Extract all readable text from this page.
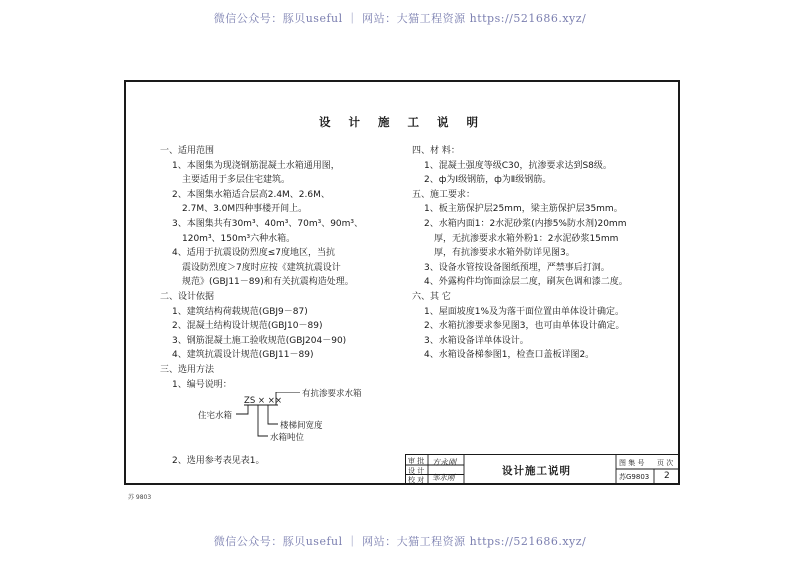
微信公众号：豚贝useful ｜ 网站：大猫工程资源 https://521686.xyz/
设 计 施 工 说 明
一、适用范围
1、本图集为现浇钢筋混凝土水箱通用图，
主要适用于多层住宅建筑。
2、本图集水箱适合层高2.4M、2.6M、
2.7M、3.0M四种事楼开间上。
3、本图集共有30m³、40m³、70m³、90m³、
120m³、150m³六种水箱。
4、适用于抗震设防烈度≤7度地区，当抗
震设防烈度＞7度时应按《建筑抗震设计
规范》(GBJ11－89)和有关抗震构造处理。
二、设计依据
1、建筑结构荷载规范(GBJ9－87)
2、混凝土结构设计规范(GBJ10－89)
3、钢筋混凝土施工验收规范(GBJ204－90)
4、建筑抗震设计规范(GBJ11－89)
三、选用方法
1、编号说明：
ZS × ××
有抗渗要求水箱
住宅水箱
楼梯间宽度
水箱吨位
2、选用参考表见表1。
四、材 料：
1、混凝土强度等级C30，抗渗要求达到S8级。
2、ф为Ⅰ级钢筋，ф为Ⅱ级钢筋。
五、施工要求：
1、板主筋保护层25mm，梁主筋保护层35mm。
2、水箱内面1：2水泥砂浆(内掺5%防水剂)20mm
厚，无抗渗要求水箱外粉1：2水泥砂浆15mm
厚，有抗渗要求水箱外防详见图3。
3、设备水管按设备图纸预埋，严禁事后打洞。
4、外露构件均饰面涂层二度，刷灰色调和漆二度。
六、其 它
1、屋面坡度1%及为落干面位置由单体设计确定。
2、水箱抗渗要求参见图3，也可由单体设计确定。
3、水箱设备详单体设计。
4、水箱设备梯参图1，检查口盖板详图2。
审 批
设 计
校 对
方永刚
邹永刚
设计施工说明
图 集 号
苏G9803
页 次
2
苏 9803
微信公众号：豚贝useful ｜ 网站：大猫工程资源 https://521686.xyz/
